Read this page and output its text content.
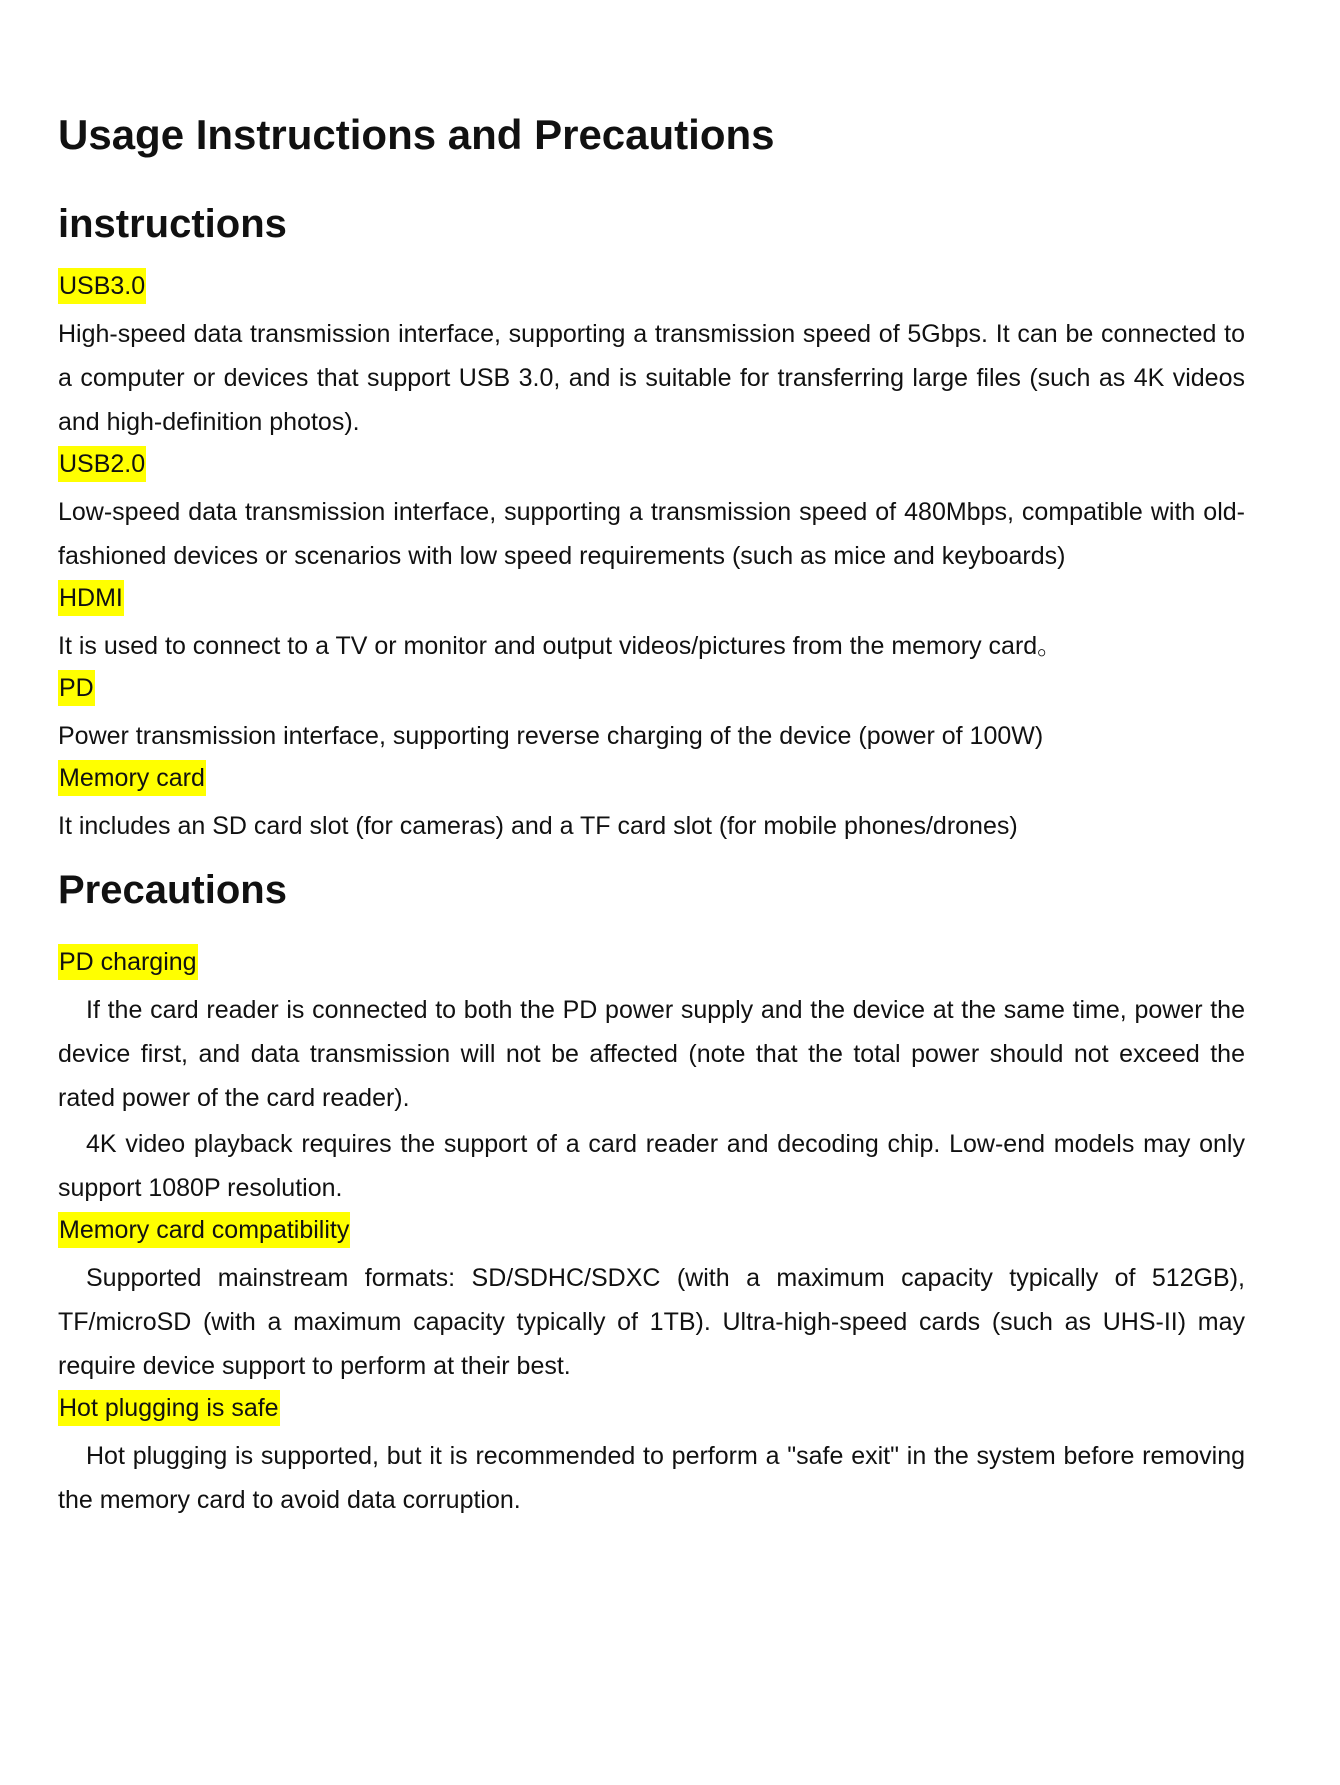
Usage Instructions and Precautions
instructions
USB3.0

High-speed data transmission interface, supporting a transmission speed of 5Gbps. It can be connected to a computer or devices that support USB 3.0, and is suitable for transferring large files (such as 4K videos and high-definition photos).

USB2.0

Low-speed data transmission interface, supporting a transmission speed of 480Mbps, compatible with old-fashioned devices or scenarios with low speed requirements (such as mice and keyboards)

HDMI

It is used to connect to a TV or monitor and output videos/pictures from the memory card。

PD

Power transmission interface, supporting reverse charging of the device (power of 100W)

Memory card

It includes an SD card slot (for cameras) and a TF card slot (for mobile phones/drones)

Precautions
PD charging

If the card reader is connected to both the PD power supply and the device at the same time, power the device first, and data transmission will not be affected (note that the total power should not exceed the rated power of the card reader).

4K video playback requires the support of a card reader and decoding chip. Low-end models may only support 1080P resolution.

Memory card compatibility

Supported mainstream formats: SD/SDHC/SDXC (with a maximum capacity typically of 512GB), TF/microSD (with a maximum capacity typically of 1TB). Ultra-high-speed cards (such as UHS-II) may require device support to perform at their best.

Hot plugging is safe

Hot plugging is supported, but it is recommended to perform a "safe exit" in the system before removing the memory card to avoid data corruption.
